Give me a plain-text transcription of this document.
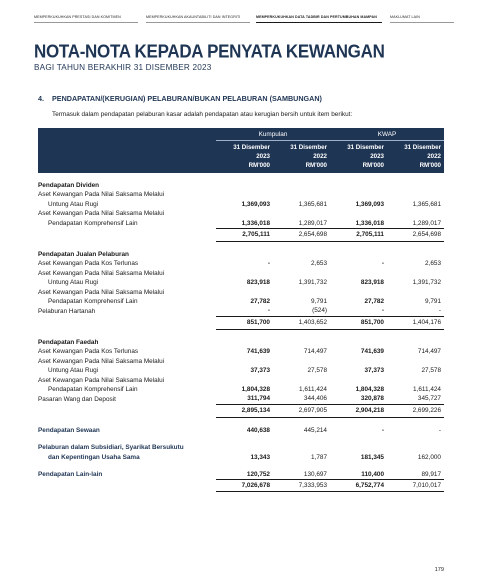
MEMPERKUKUHKAN PRESTASI DAN KOMITMEN	MEMPERKUKUHKAN AKAUNTABILITI DAN INTEGRITI	MEMPERKUKUHKAN DATA TADBIR DAN PERTUMBUHAN MAMPAN	MAKLUMAT LAIN
NOTA-NOTA KEPADA PENYATA KEWANGAN
BAGI TAHUN BERAKHIR 31 DISEMBER 2023
4. PENDAPATAN/(KERUGIAN) PELABURAN/BUKAN PELABURAN (SAMBUNGAN)
Termasuk dalam pendapatan pelaburan kasar adalah pendapatan atau kerugian bersih untuk item berikut:
	Kumpulan		KWAP	
	31 Disember	31 Disember	31 Disember	31 Disember
	2023	2022	2023	2022
	RM'000	RM'000	RM'000	RM'000

Pendapatan Dividen				
Aset Kewangan Pada Nilai Saksama Melalui				
Untung Atau Rugi	1,369,093	1,365,681	1,369,093	1,365,681
Aset Kewangan Pada Nilai Saksama Melalui				
Pendapatan Komprehensif Lain	1,336,018	1,289,017	1,336,018	1,289,017
	2,705,111	2,654,698	2,705,111	2,654,698

Pendapatan Jualan Pelaburan				
Aset Kewangan Pada Kos Terlunas	-	2,653	-	2,653
Aset Kewangan Pada Nilai Saksama Melalui				
Untung Atau Rugi	823,918	1,391,732	823,918	1,391,732
Aset Kewangan Pada Nilai Saksama Melalui				
Pendapatan Komprehensif Lain	27,782	9,791	27,782	9,791
Pelaburan Hartanah	-	(524)	-	-
	851,700	1,403,652	851,700	1,404,176

Pendapatan Faedah				
Aset Kewangan Pada Kos Terlunas	741,639	714,497	741,639	714,497
Aset Kewangan Pada Nilai Saksama Melalui				
Untung Atau Rugi	37,373	27,578	37,373	27,578
Aset Kewangan Pada Nilai Saksama Melalui				
Pendapatan Komprehensif Lain	1,804,328	1,611,424	1,804,328	1,611,424
Pasaran Wang dan Deposit	311,794	344,406	320,878	345,727
	2,895,134	2,697,905	2,904,218	2,699,226

Pendapatan Sewaan	440,638	445,214	-	-

Pelaburan dalam Subsidiari, Syarikat Bersukutu				
dan Kepentingan Usaha Sama	13,343	1,787	181,345	162,000

Pendapatan Lain-lain	120,752	130,697	110,400	89,917
	7,026,678	7,333,953	6,752,774	7,010,017
179
